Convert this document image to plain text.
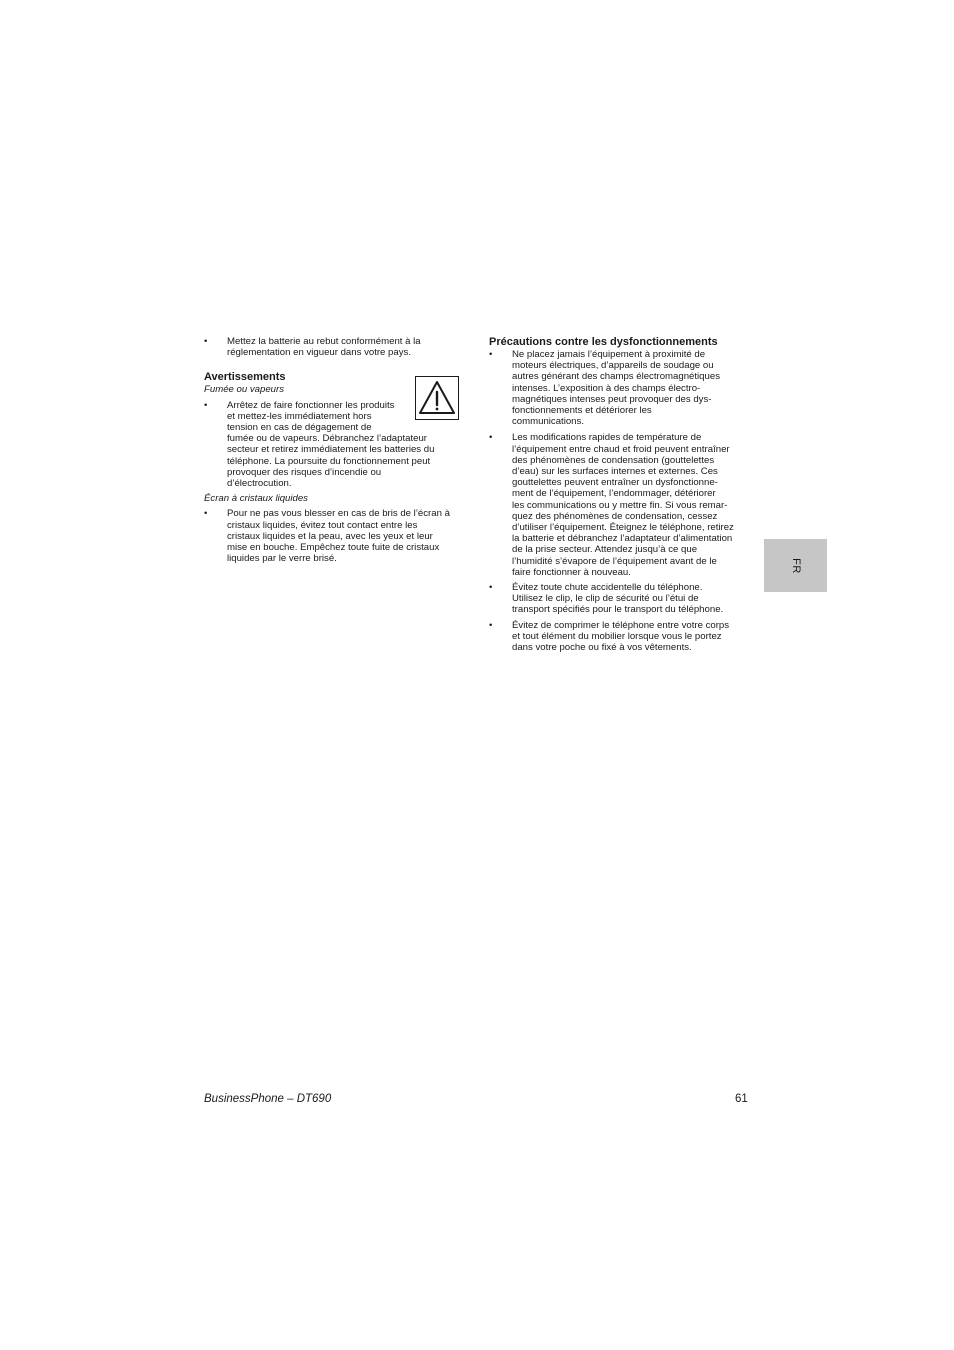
•	Mettez la batterie au rebut conformément à la
réglementation en vigueur dans votre pays.
Avertissements
Fumée ou vapeurs
•	Arrêtez de faire fonctionner les produits
et mettez-les immédiatement hors
tension en cas de dégagement de
fumée ou de vapeurs. Débranchez l’adaptateur
secteur et retirez immédiatement les batteries du
téléphone. La poursuite du fonctionnement peut
provoquer des risques d’incendie ou
d’électrocution.
Écran à cristaux liquides
•	Pour ne pas vous blesser en cas de bris de l’écran à
cristaux liquides, évitez tout contact entre les
cristaux liquides et la peau, avec les yeux et leur
mise en bouche. Empêchez toute fuite de cristaux
liquides par le verre brisé.
Précautions contre les dysfonctionnements
•	Ne placez jamais l’équipement à proximité de
moteurs électriques, d’appareils de soudage ou
autres générant des champs électromagnétiques
intenses. L’exposition à des champs électro-
magnétiques intenses peut provoquer des dys-
fonctionnements et détériorer les
communications.
•	Les modifications rapides de température de
l’équipement entre chaud et froid peuvent entraîner
des phénomènes de condensation (gouttelettes
d’eau) sur les surfaces internes et externes. Ces
gouttelettes peuvent entraîner un dysfonctionne-
ment de l’équipement, l’endommager, détériorer
les communications ou y mettre fin. Si vous remar-
quez des phénomènes de condensation, cessez
d’utiliser l’équipement. Éteignez le téléphone, retirez
la batterie et débranchez l’adaptateur d’alimentation
de la prise secteur. Attendez jusqu’à ce que
l’humidité s’évapore de l’équipement avant de le
faire fonctionner à nouveau.
•	Évitez toute chute accidentelle du téléphone.
Utilisez le clip, le clip de sécurité ou l’étui de
transport spécifiés pour le transport du téléphone.
•	Évitez de comprimer le téléphone entre votre corps
et tout élément du mobilier lorsque vous le portez
dans votre poche ou fixé à vos vêtements.
FR
BusinessPhone – DT690	61
